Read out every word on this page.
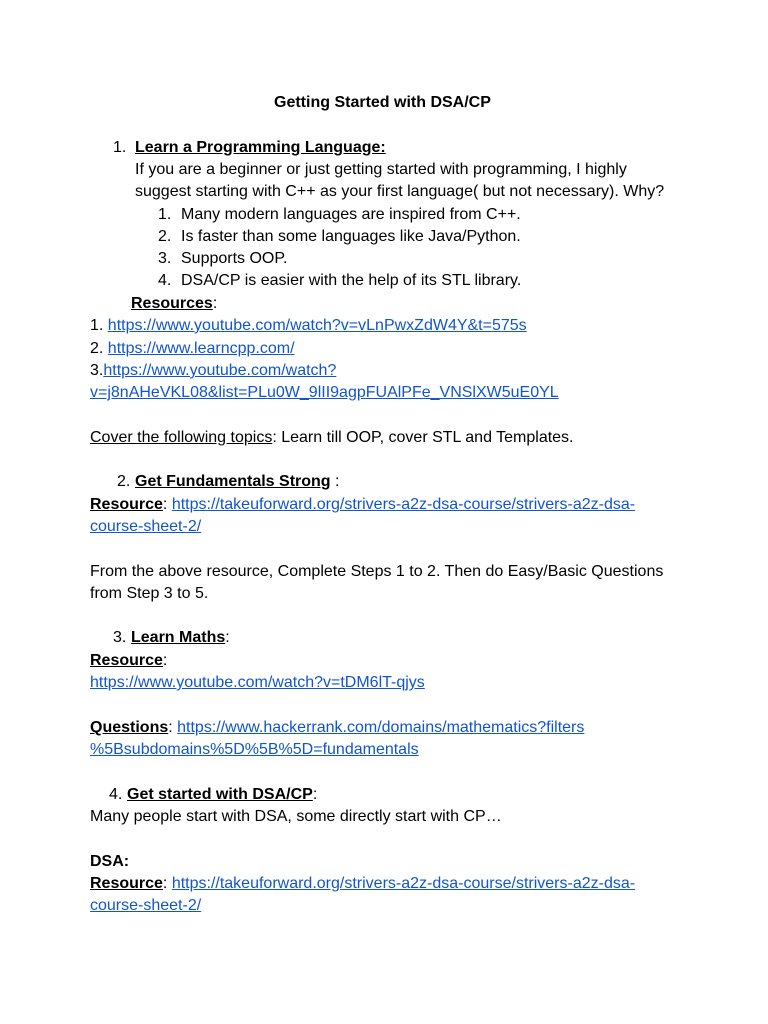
Getting Started with DSA/CP
1. Learn a Programming Language:
If you are a beginner or just getting started with programming, I highly
suggest starting with C++ as your first language( but not necessary). Why?
1. Many modern languages are inspired from C++.
2. Is faster than some languages like Java/Python.
3. Supports OOP.
4. DSA/CP is easier with the help of its STL library.
Resources:
1. https://www.youtube.com/watch?v=vLnPwxZdW4Y&t=575s
2. https://www.learncpp.com/
3.https://www.youtube.com/watch?
v=j8nAHeVKL08&list=PLu0W_9lII9agpFUAlPFe_VNSlXW5uE0YL
Cover the following topics: Learn till OOP, cover STL and Templates.
2. Get Fundamentals Strong :
Resource: https://takeuforward.org/strivers-a2z-dsa-course/strivers-a2z-dsa-
course-sheet-2/
From the above resource, Complete Steps 1 to 2. Then do Easy/Basic Questions
from Step 3 to 5.
3. Learn Maths:
Resource:
https://www.youtube.com/watch?v=tDM6lT-qjys
Questions: https://www.hackerrank.com/domains/mathematics?filters
%5Bsubdomains%5D%5B%5D=fundamentals
4. Get started with DSA/CP:
Many people start with DSA, some directly start with CP…
DSA:
Resource: https://takeuforward.org/strivers-a2z-dsa-course/strivers-a2z-dsa-
course-sheet-2/
